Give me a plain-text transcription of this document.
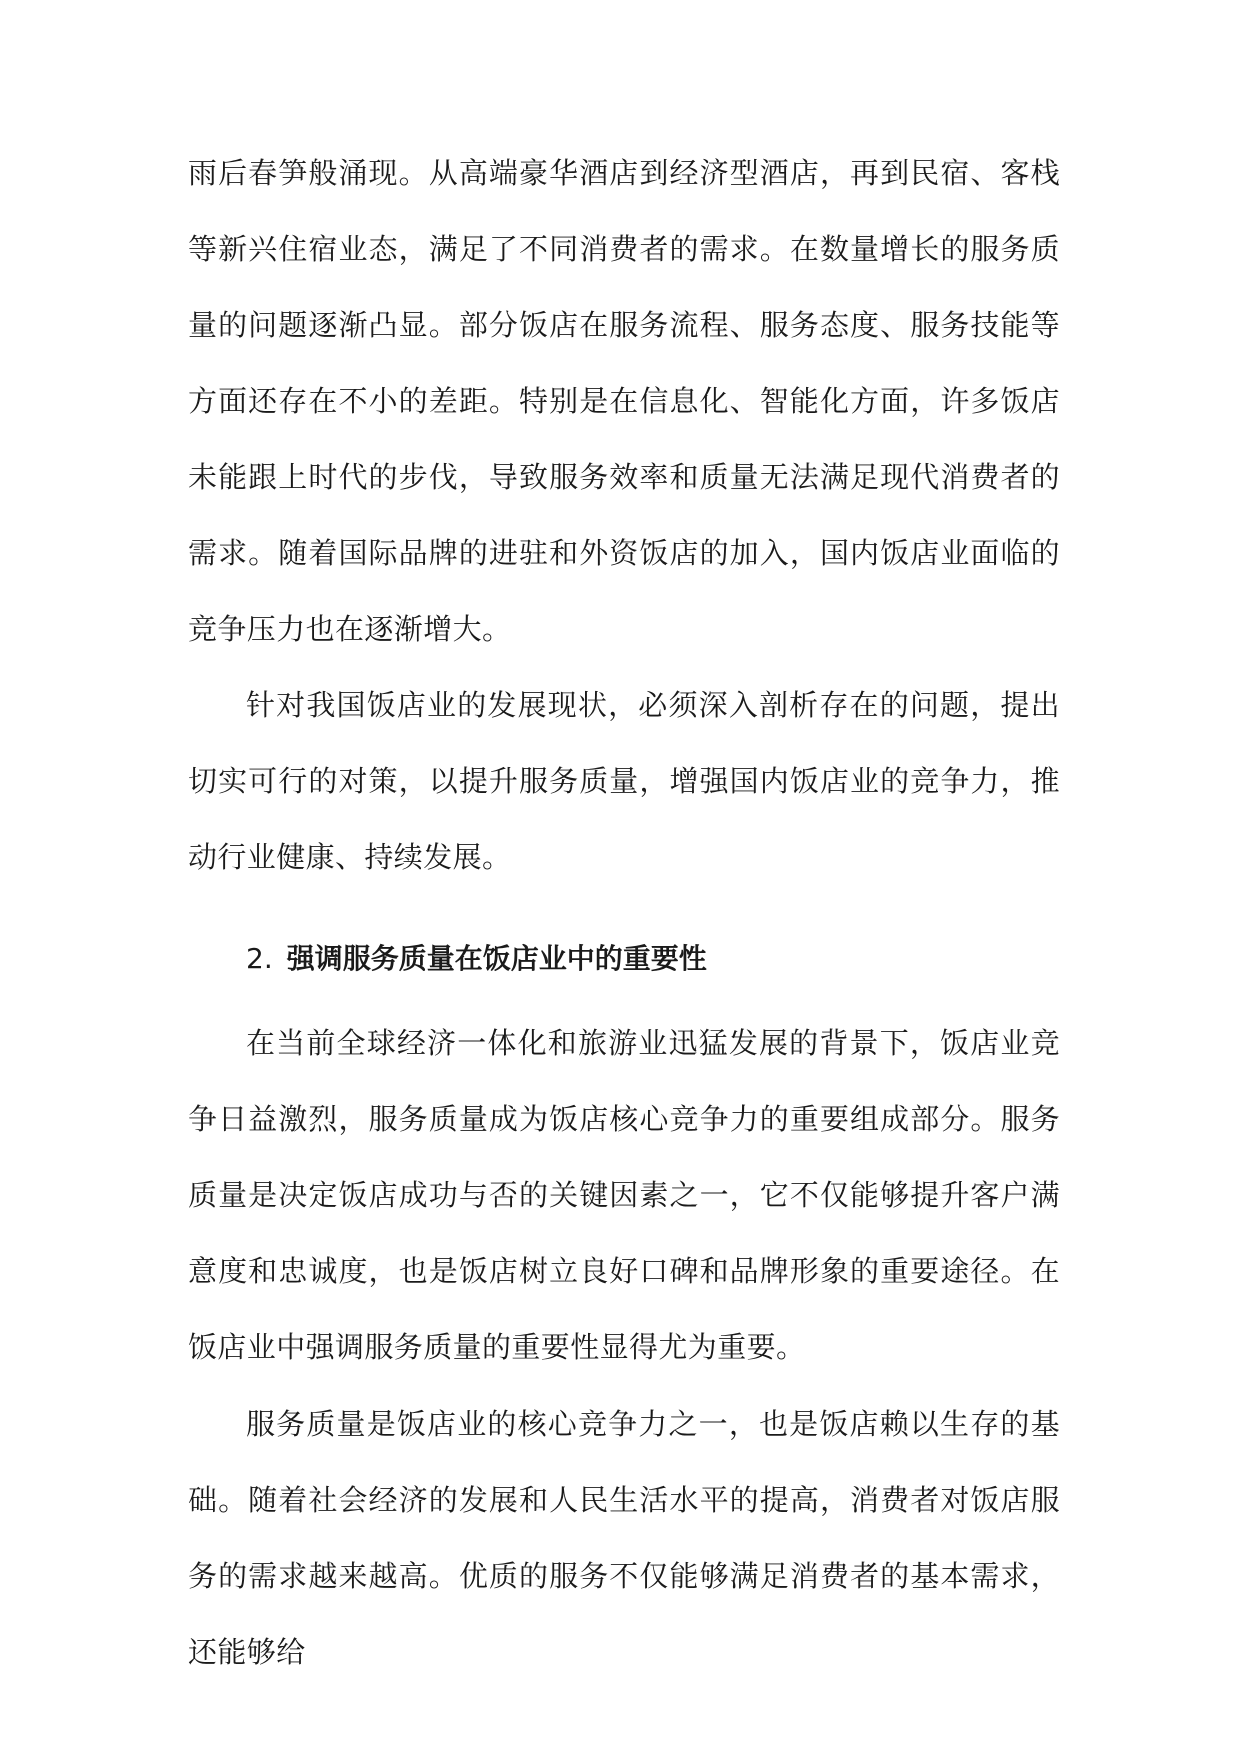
雨后春笋般涌现。从高端豪华酒店到经济型酒店，再到民宿、客栈等新兴住宿业态，满足了不同消费者的需求。在数量增长的服务质量的问题逐渐凸显。部分饭店在服务流程、服务态度、服务技能等方面还存在不小的差距。特别是在信息化、智能化方面，许多饭店未能跟上时代的步伐，导致服务效率和质量无法满足现代消费者的需求。随着国际品牌的进驻和外资饭店的加入，国内饭店业面临的竞争压力也在逐渐增大。

针对我国饭店业的发展现状，必须深入剖析存在的问题，提出切实可行的对策，以提升服务质量，增强国内饭店业的竞争力，推动行业健康、持续发展。

2. 强调服务质量在饭店业中的重要性

在当前全球经济一体化和旅游业迅猛发展的背景下，饭店业竞争日益激烈，服务质量成为饭店核心竞争力的重要组成部分。服务质量是决定饭店成功与否的关键因素之一，它不仅能够提升客户满意度和忠诚度，也是饭店树立良好口碑和品牌形象的重要途径。在饭店业中强调服务质量的重要性显得尤为重要。

服务质量是饭店业的核心竞争力之一，也是饭店赖以生存的基础。随着社会经济的发展和人民生活水平的提高，消费者对饭店服务的需求越来越高。优质的服务不仅能够满足消费者的基本需求，还能够给
